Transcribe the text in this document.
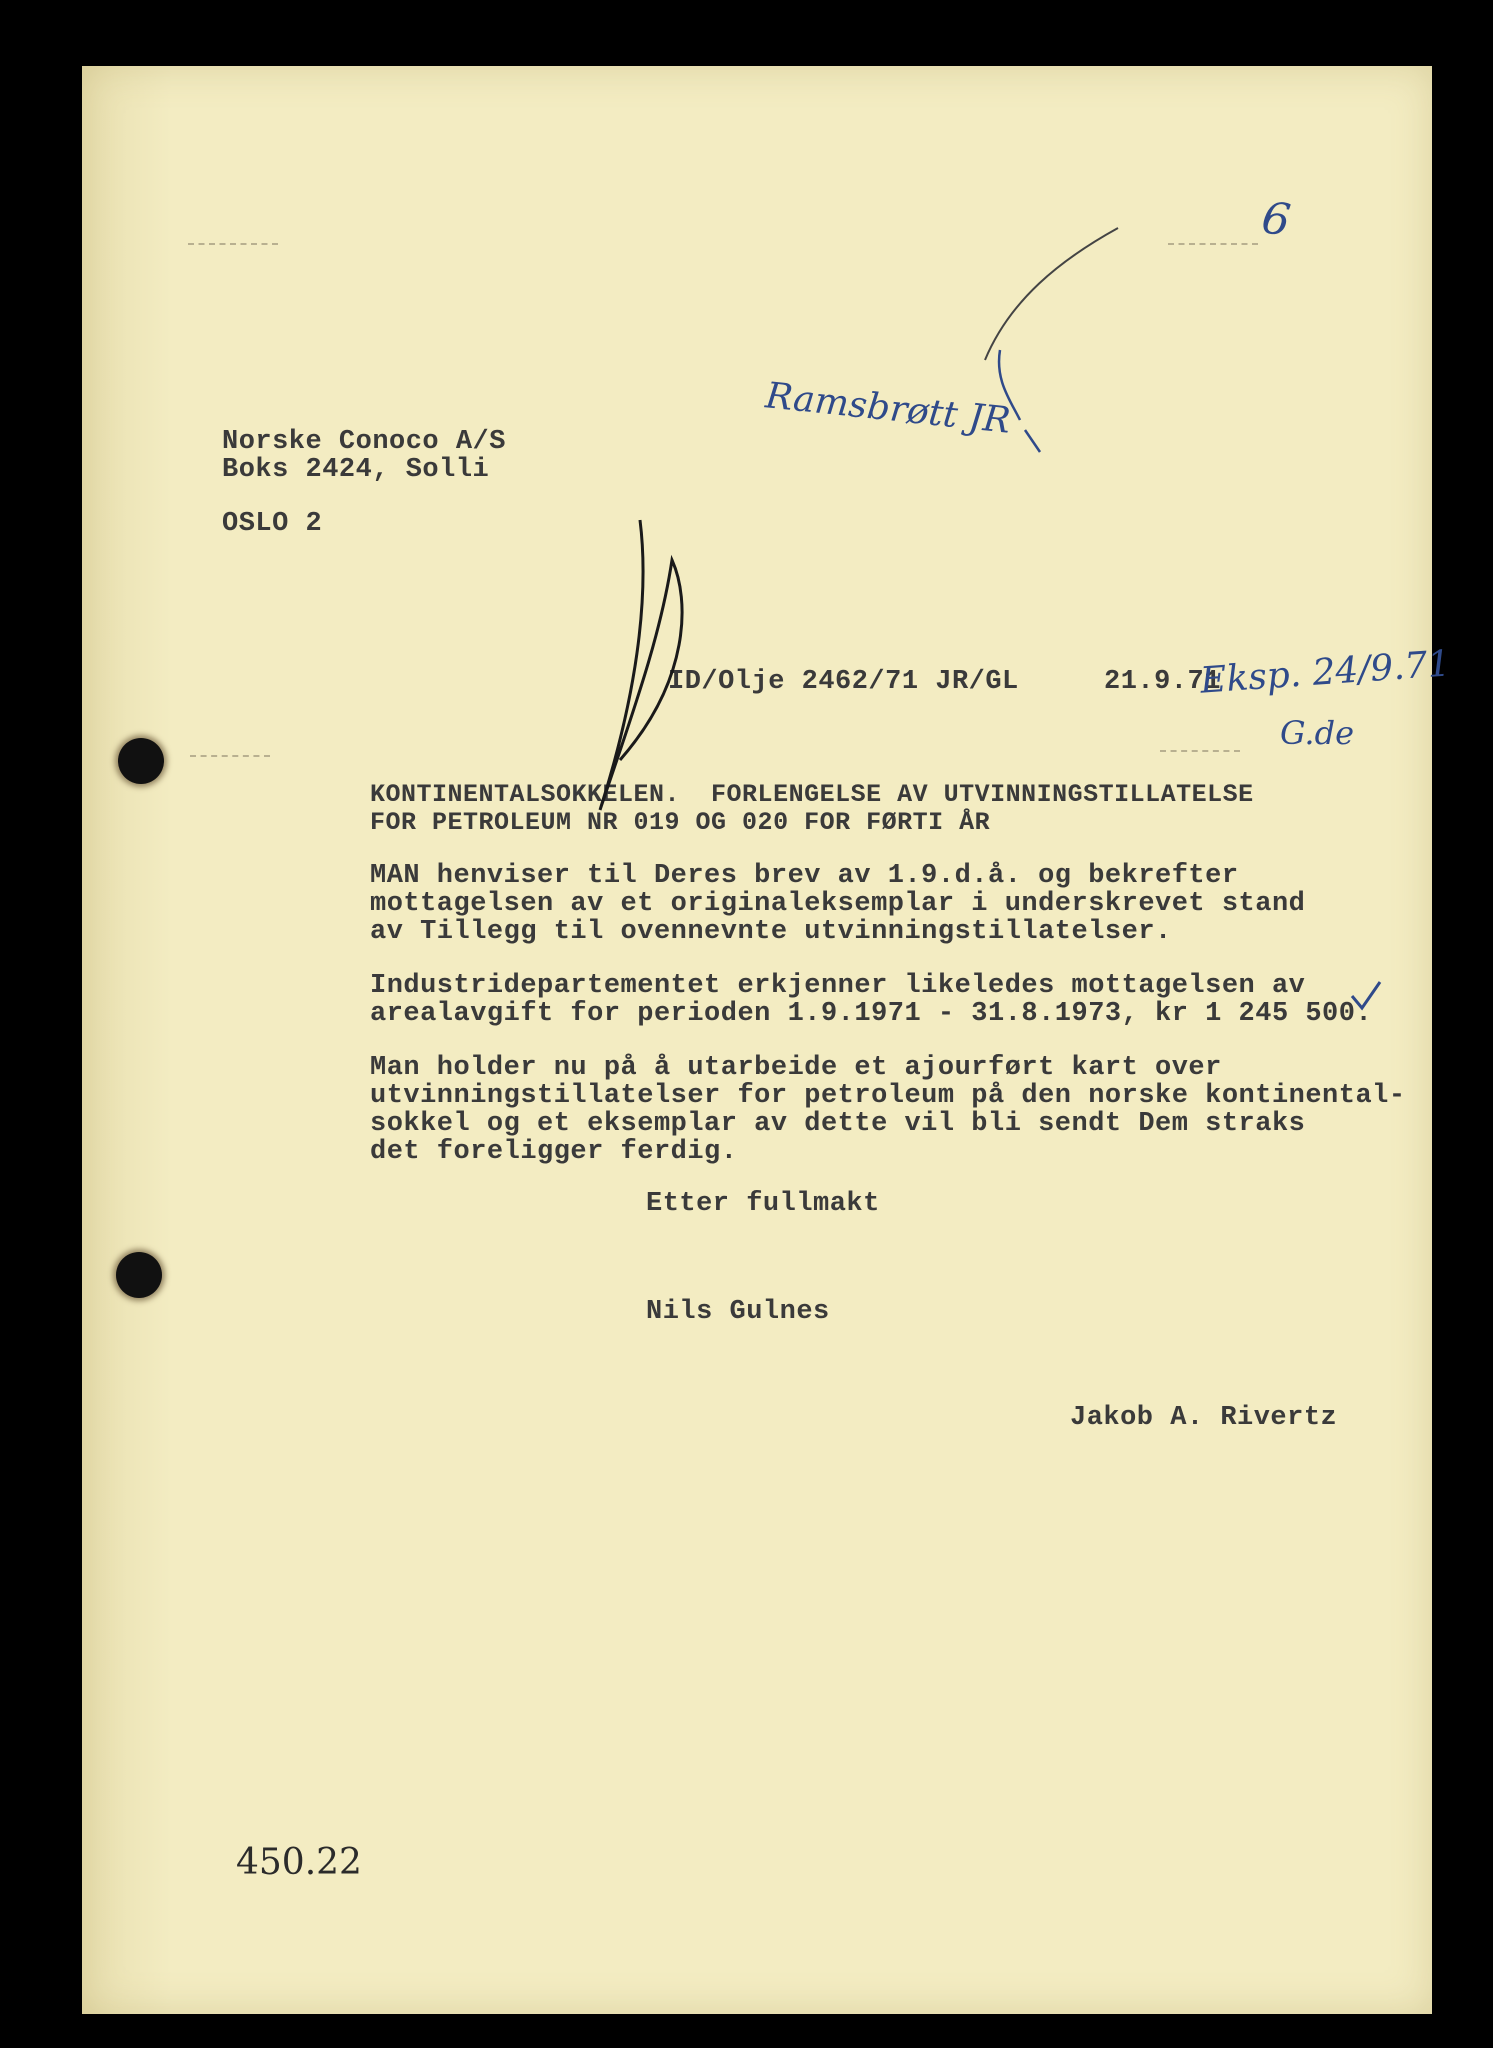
Norske Conoco A/S

Boks 2424, Solli

OSLO 2

ID/Olje 2462/71 JR/GL	21.9.71

KONTINENTALSOKKELEN.  FORLENGELSE AV UTVINNINGSTILLATELSE

FOR PETROLEUM NR 019 OG 020 FOR FØRTI ÅR

MAN henviser til Deres brev av 1.9.d.å. og bekrefter

mottagelsen av et originaleksemplar i underskrevet stand

av Tillegg til ovennevnte utvinningstillatelser.

Industridepartementet erkjenner likeledes mottagelsen av

arealavgift for perioden 1.9.1971 - 31.8.1973, kr 1 245 500.

Man holder nu på å utarbeide et ajourført kart over

utvinningstillatelser for petroleum på den norske kontinental-

sokkel og et eksemplar av dette vil bli sendt Dem straks

det foreligger ferdig.

Etter fullmakt

Nils Gulnes

Jakob A. Rivertz

6

Ramsbrøtt JR

Eksp. 24/9.71

G.de

450.22
